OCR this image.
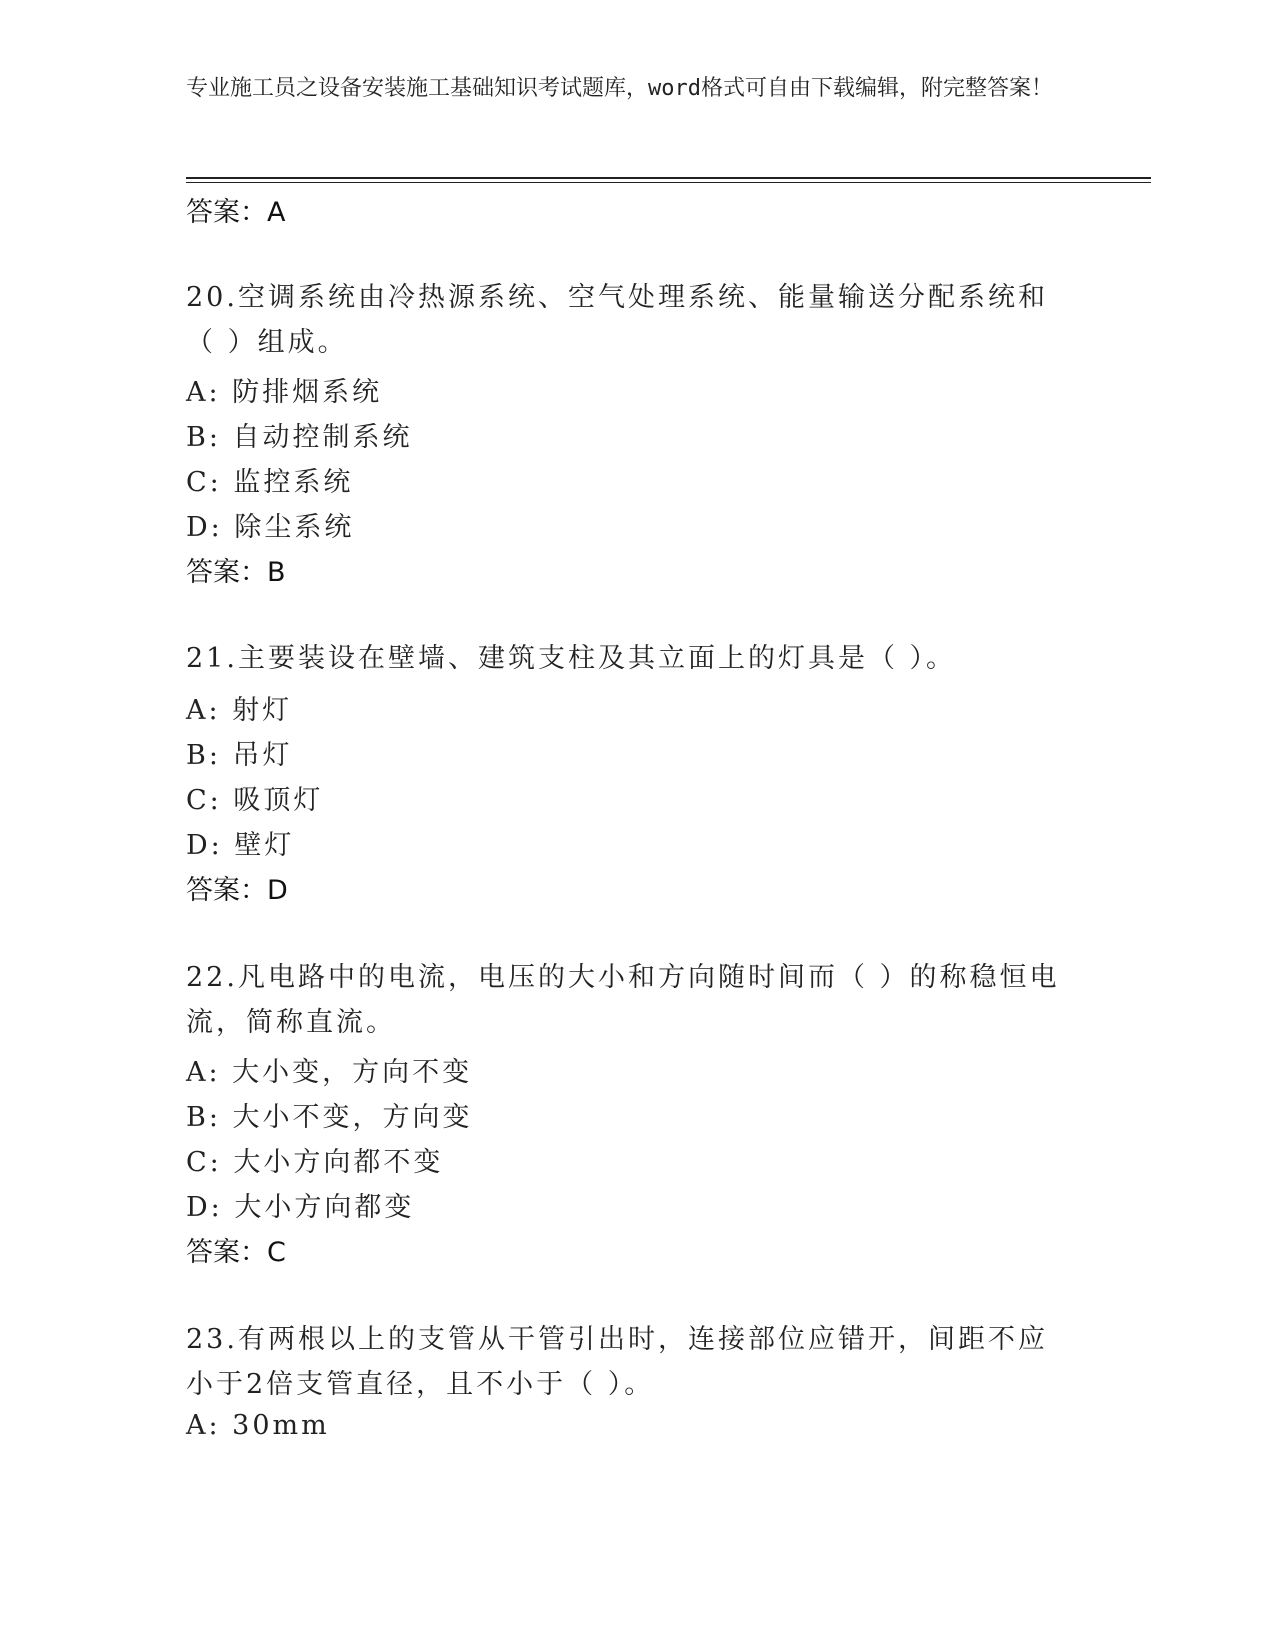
专业施工员之设备安装施工基础知识考试题库，word格式可自由下载编辑，附完整答案！
答案：A
20.空调系统由冷热源系统、空气处理系统、能量输送分配系统和（ ）组成。
A: 防排烟系统
B: 自动控制系统
C: 监控系统
D: 除尘系统
答案：B
21.主要装设在壁墙、建筑支柱及其立面上的灯具是（ ）。
A: 射灯
B: 吊灯
C: 吸顶灯
D: 壁灯
答案：D
22.凡电路中的电流，电压的大小和方向随时间而（ ）的称稳恒电流，简称直流。
A: 大小变，方向不变
B: 大小不变，方向变
C: 大小方向都不变
D: 大小方向都变
答案：C
23.有两根以上的支管从干管引出时，连接部位应错开，间距不应小于2倍支管直径，且不小于（ ）。
A: 30mm
